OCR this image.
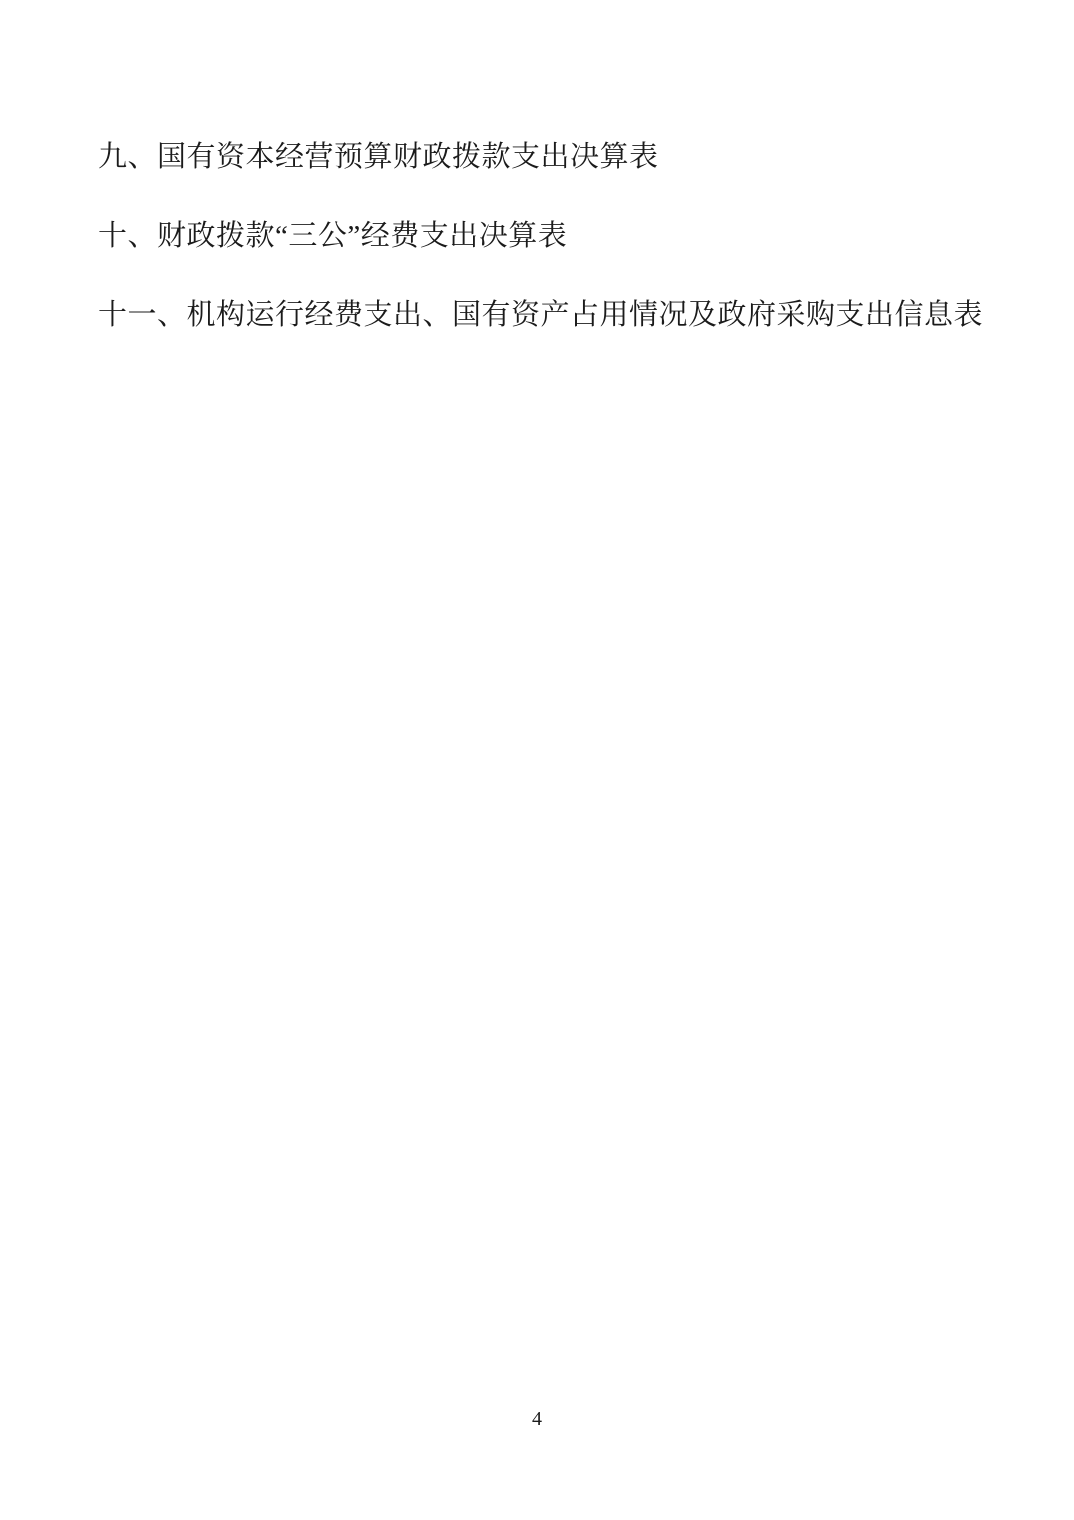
九、国有资本经营预算财政拨款支出决算表

十、财政拨款“三公”经费支出决算表

十一、机构运行经费支出、国有资产占用情况及政府采购支出信息表

4
